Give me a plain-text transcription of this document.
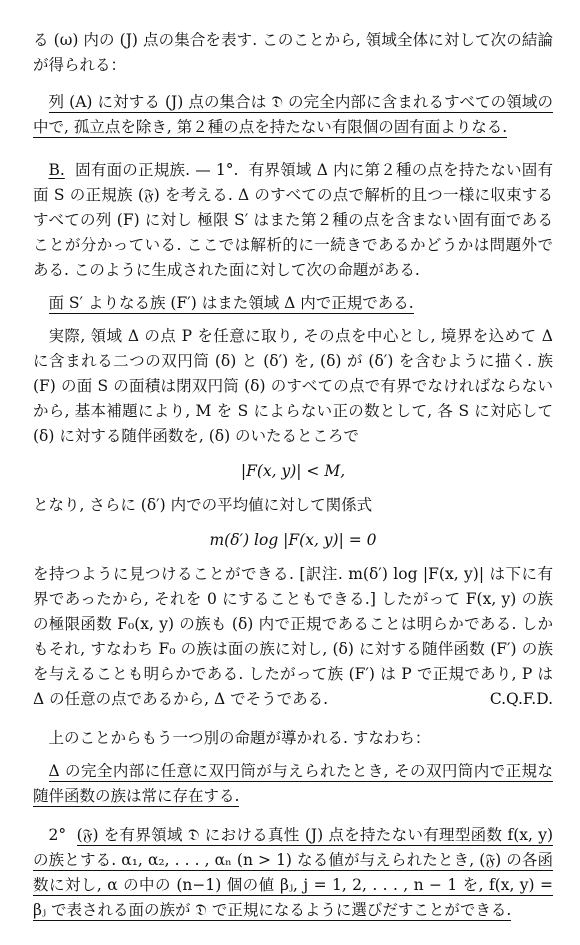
る (ω) 内の (J) 点の集合を表す. このことから, 領域全体に対して次の結論が得られる：

列 (A) に対する (J) 点の集合は 𝔇 の完全内部に含まれるすべての領域の中で, 孤立点を除き, 第２種の点を持たない有限個の固有面よりなる.

B. 固有面の正規族. — 1°. 有界領域 Δ 内に第２種の点を持たない固有面 S の正規族 (𝔉) を考える. Δ のすべての点で解析的且つ一様に収束するすべての列 (F) に対し 極限 S′ はまた第２種の点を含まない固有面であることが分かっている. ここでは解析的に一続きであるかどうかは問題外である. このように生成された面に対して次の命題がある.

面 S′ よりなる族 (F′) はまた領域 Δ 内で正規である.

実際, 領域 Δ の点 P を任意に取り, その点を中心とし, 境界を込めて Δ に含まれる二つの双円筒 (δ) と (δ′) を, (δ) が (δ′) を含むように描く. 族 (F) の面 S の面積は閉双円筒 (δ) のすべての点で有界でなければならないから, 基本補題により, M を S によらない正の数として, 各 S に対応して (δ) に対する随伴函数を, (δ) のいたるところで

|F(x, y)| < M,

となり, さらに (δ′) 内での平均値に対して関係式

m(δ′) log |F(x, y)| = 0

を持つように見つけることができる. [訳注. m(δ′) log |F(x, y)| は下に有界であったから, それを 0 にすることもできる.] したがって F(x, y) の族の極限函数 F₀(x, y) の族も (δ) 内で正規であることは明らかである. しかもそれ, すなわち F₀ の族は面の族に対し, (δ) に対する随伴函数 (F′) の族を与えることも明らかである. したがって族 (F′) は P で正規であり, P は Δ の任意の点であるから, Δ でそうである.	C.Q.F.D.

上のことからもう一つ別の命題が導かれる. すなわち：

Δ の完全内部に任意に双円筒が与えられたとき, その双円筒内で正規な随伴函数の族は常に存在する.

2° (𝔉) を有界領域 𝔇 における真性 (J) 点を持たない有理型函数 f(x, y) の族とする. α₁, α₂, . . . , αₙ (n > 1) なる値が与えられたとき, (𝔉) の各函数に対し, α の中の (n−1) 個の値 βⱼ, j = 1, 2, . . . , n − 1 を, f(x, y) = βⱼ で表される面の族が 𝔇 で正規になるように選びだすことができる.
